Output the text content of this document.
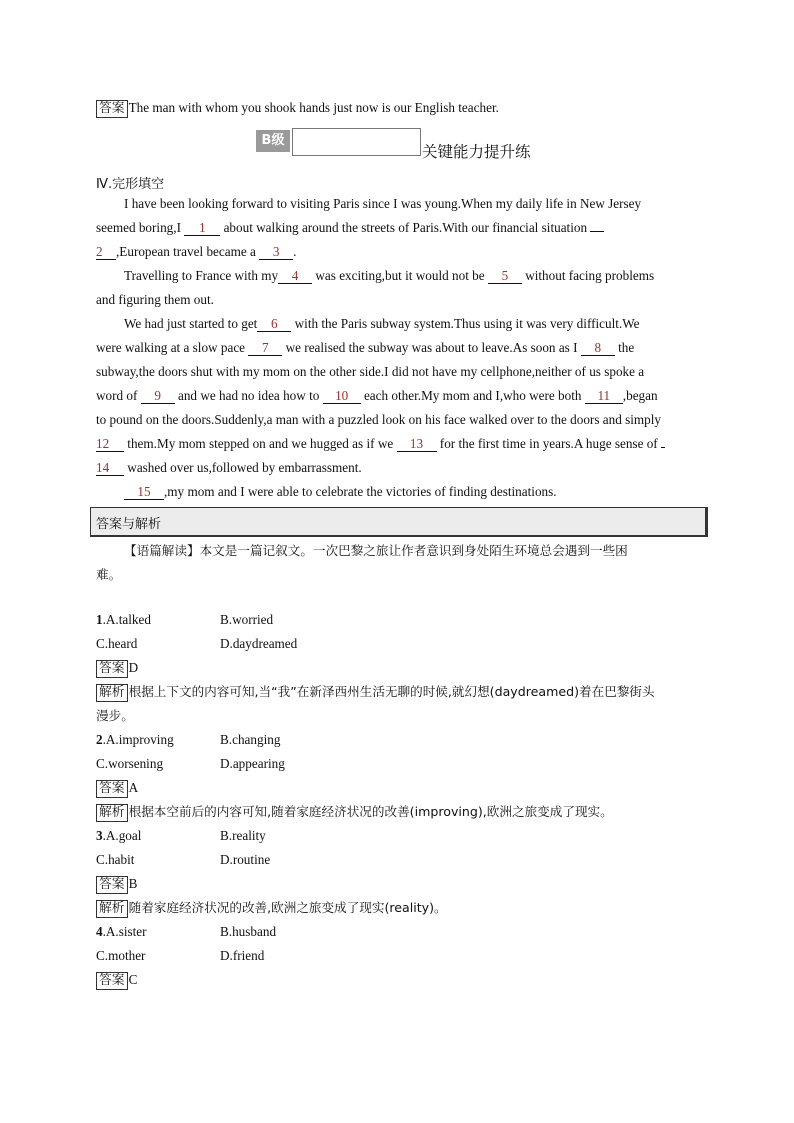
答案 The man with whom you shook hands just now is our English teacher.
B级
关键能力提升练
Ⅳ.完形填空
I have been looking forward to visiting Paris since I was young.When my daily life in New Jersey
seemed boring,I 1 about walking around the streets of Paris.With our financial situation
2 ,European travel became a 3 .
Travelling to France with my 4 was exciting,but it would not be 5 without facing problems
and figuring them out.
We had just started to get 6 with the Paris subway system.Thus using it was very difficult.We
were walking at a slow pace 7 we realised the subway was about to leave.As soon as I 8 the
subway,the doors shut with my mom on the other side.I did not have my cellphone,neither of us spoke a
word of 9 and we had no idea how to 10 each other.My mom and I,who were both 11 ,began
to pound on the doors.Suddenly,a man with a puzzled look on his face walked over to the doors and simply
12 them.My mom stepped on and we hugged as if we 13 for the first time in years.A huge sense of
14 washed over us,followed by embarrassment.
15 ,my mom and I were able to celebrate the victories of finding destinations.
答案与解析
【语篇解读】本文是一篇记叙文。一次巴黎之旅让作者意识到身处陌生环境总会遇到一些困
难。
1.A.talked	B.worried
C.heard	D.daydreamed
答案 D
解析 根据上下文的内容可知,当“我”在新泽西州生活无聊的时候,就幻想(daydreamed)着在巴黎街头
漫步。
2.A.improving	B.changing
C.worsening	D.appearing
答案 A
解析 根据本空前后的内容可知,随着家庭经济状况的改善(improving),欧洲之旅变成了现实。
3.A.goal	B.reality
C.habit	D.routine
答案 B
解析 随着家庭经济状况的改善,欧洲之旅变成了现实(reality)。
4.A.sister	B.husband
C.mother	D.friend
答案 C
